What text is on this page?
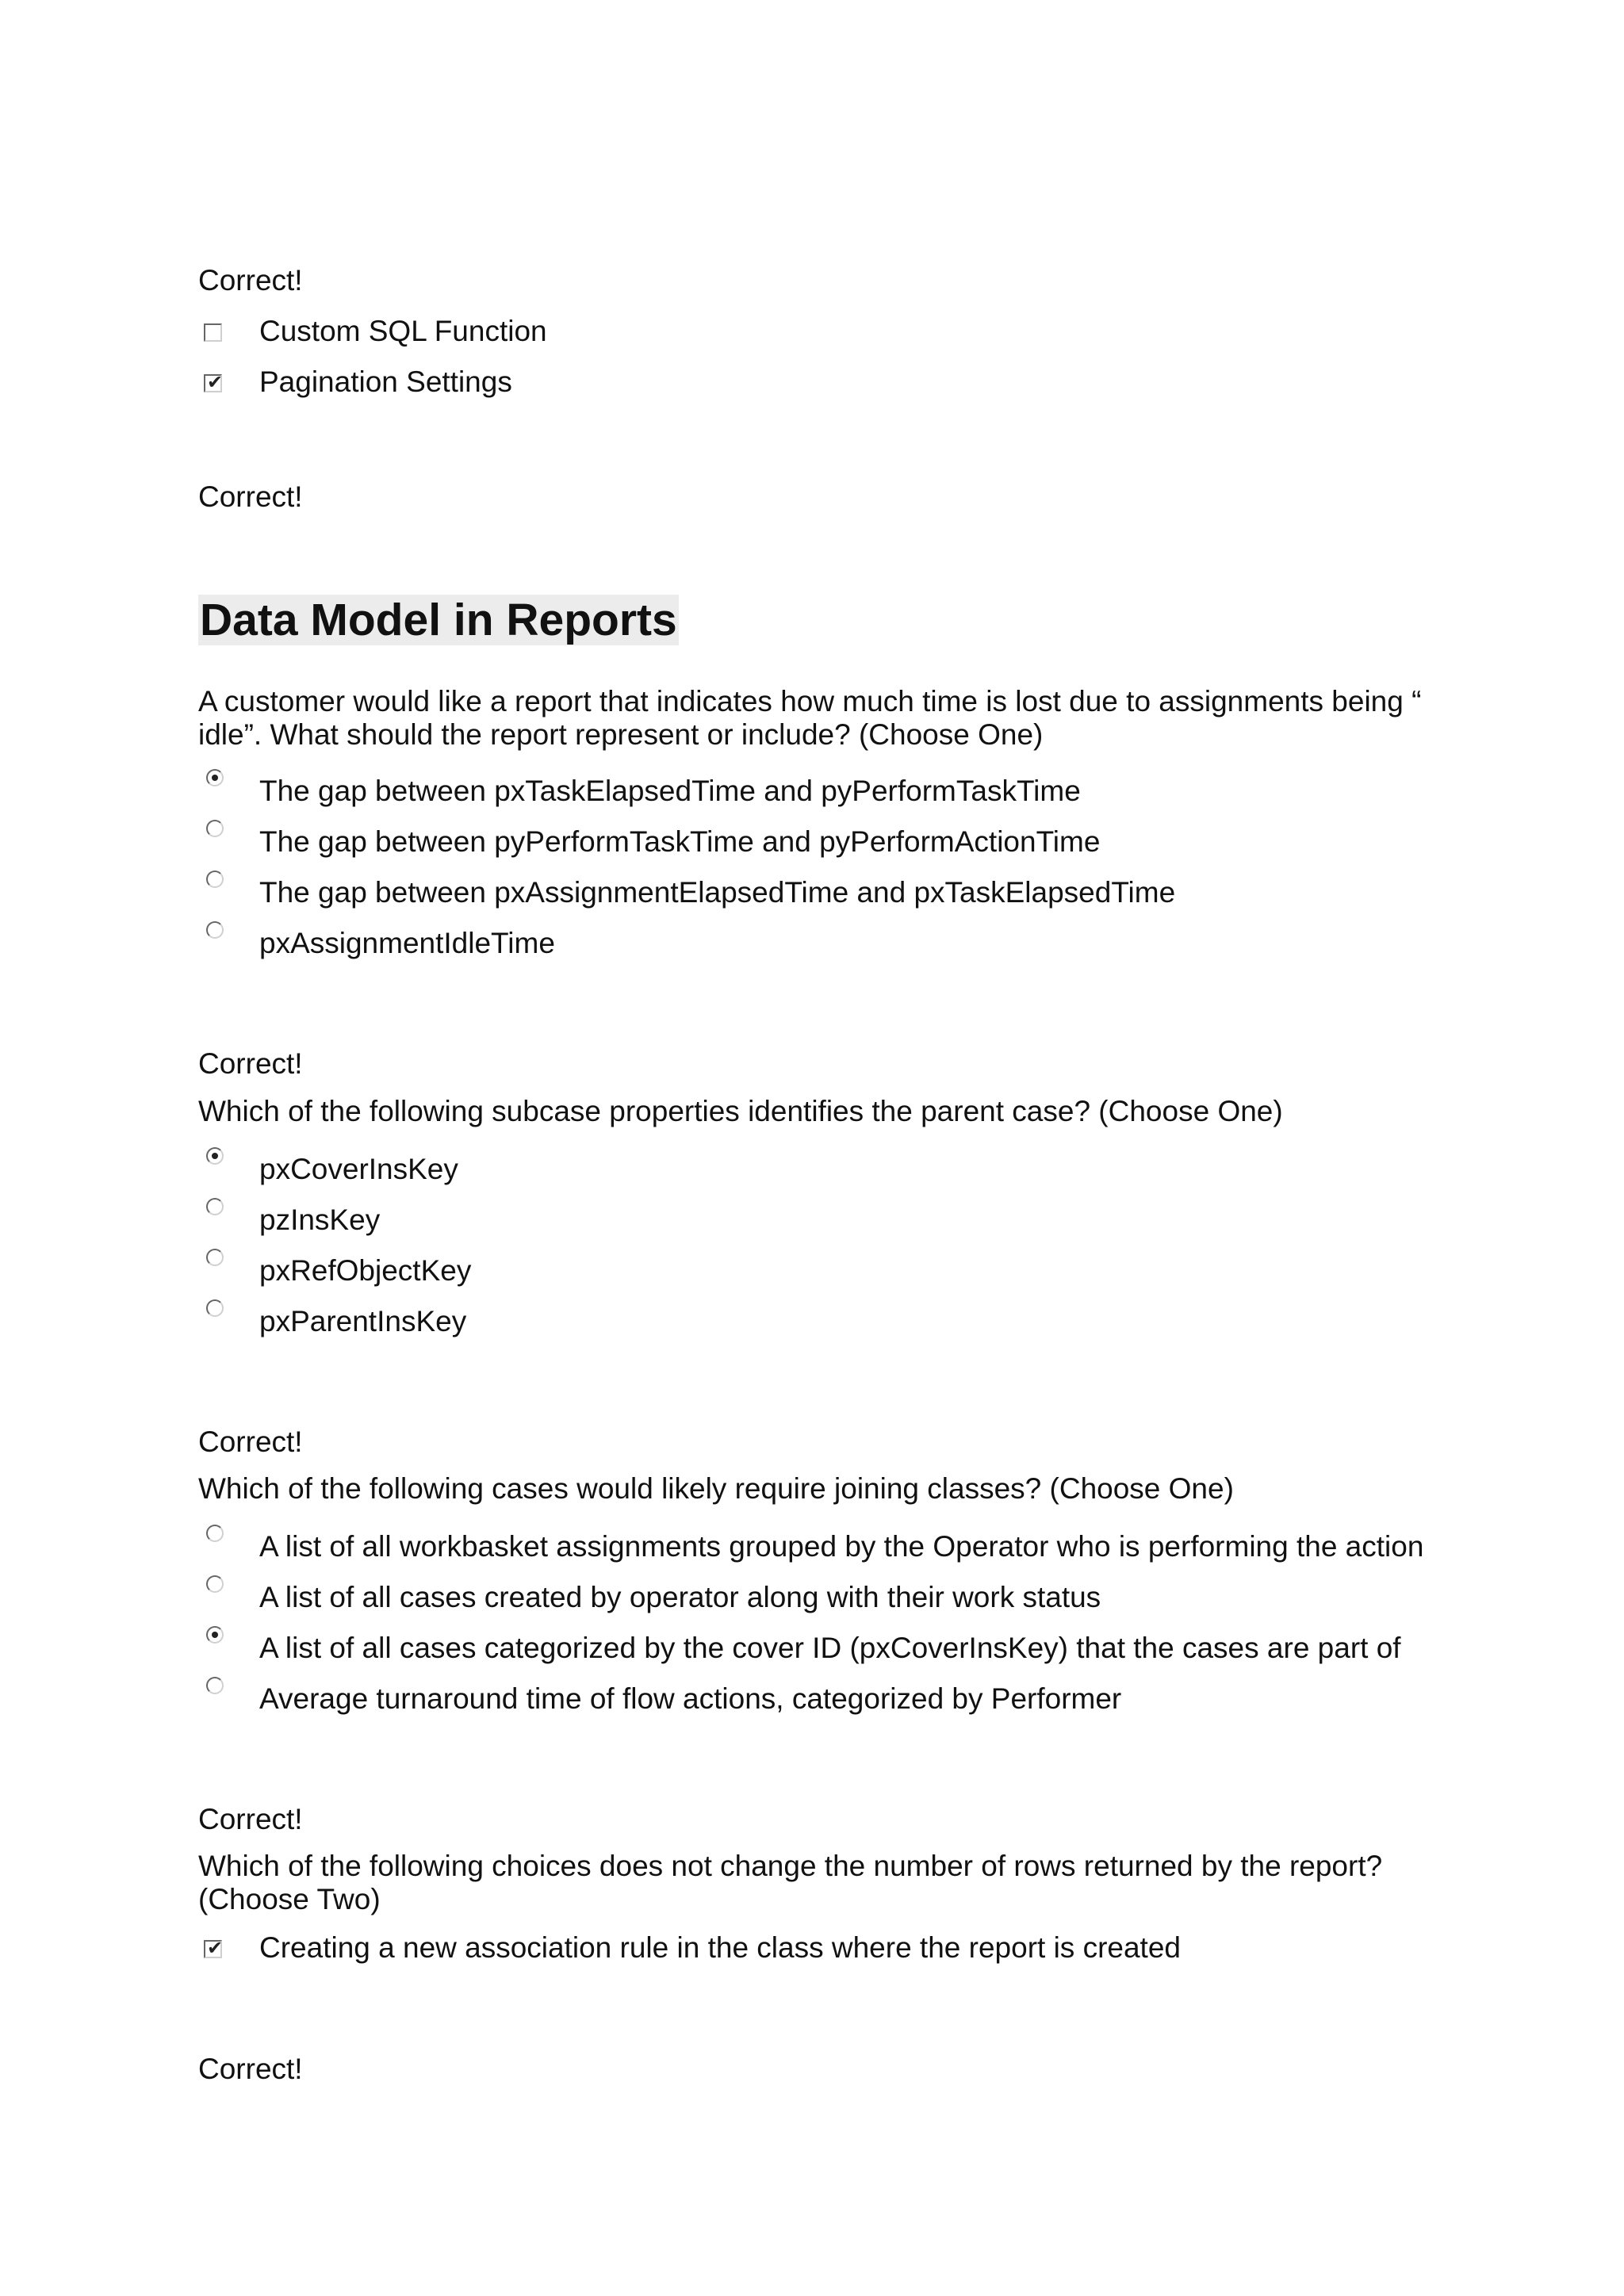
Correct!

Custom SQL Function
✔ Pagination Settings

Correct!

Data Model in Reports

A customer would like a report that indicates how much time is lost due to assignments being “ idle”. What should the report represent or include? (Choose One)

The gap between pxTaskElapsedTime and pyPerformTaskTime
The gap between pyPerformTaskTime and pyPerformActionTime
The gap between pxAssignmentElapsedTime and pxTaskElapsedTime
pxAssignmentIdleTime

Correct!

Which of the following subcase properties identifies the parent case? (Choose One)

pxCoverInsKey
pzInsKey
pxRefObjectKey
pxParentInsKey

Correct!

Which of the following cases would likely require joining classes? (Choose One)

A list of all workbasket assignments grouped by the Operator who is performing the action
A list of all cases created by operator along with their work status
A list of all cases categorized by the cover ID (pxCoverInsKey) that the cases are part of
Average turnaround time of flow actions, categorized by Performer

Correct!

Which of the following choices does not change the number of rows returned by the report? (Choose Two)

✔ Creating a new association rule in the class where the report is created

Correct!
